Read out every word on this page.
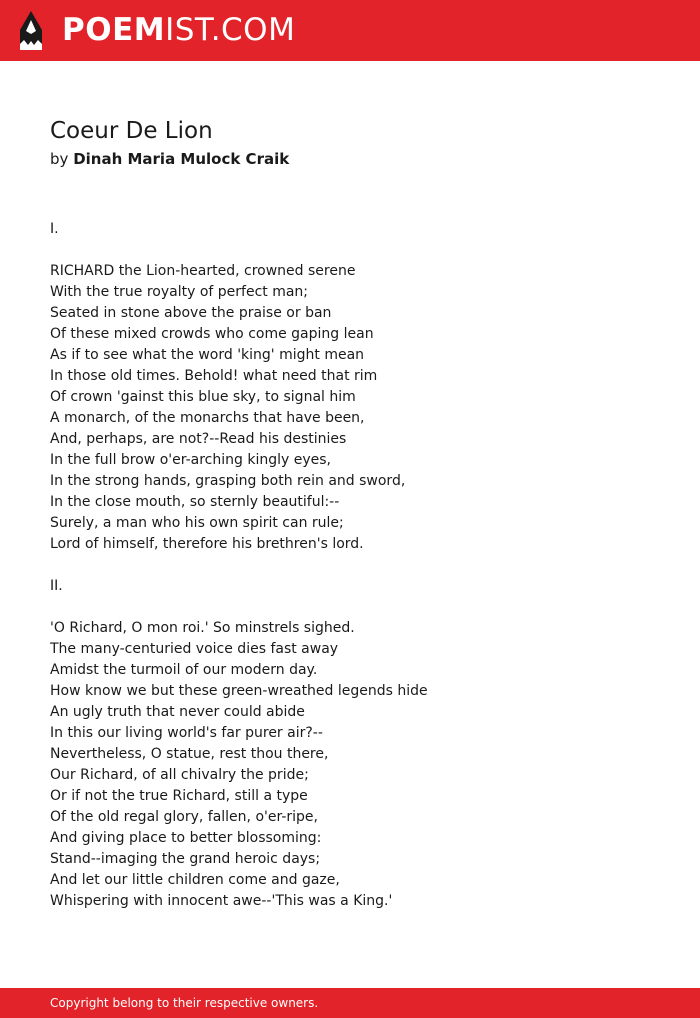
POEMIST.COM
Coeur De Lion
by Dinah Maria Mulock Craik
I.
RICHARD the Lion-hearted, crowned serene
With the true royalty of perfect man;
Seated in stone above the praise or ban
Of these mixed crowds who come gaping lean
As if to see what the word 'king' might mean
In those old times. Behold! what need that rim
Of crown 'gainst this blue sky, to signal him
A monarch, of the monarchs that have been,
And, perhaps, are not?--Read his destinies
In the full brow o'er-arching kingly eyes,
In the strong hands, grasping both rein and sword,
In the close mouth, so sternly beautiful:--
Surely, a man who his own spirit can rule;
Lord of himself, therefore his brethren's lord.
II.
'O Richard, O mon roi.' So minstrels sighed.
The many-centuried voice dies fast away
Amidst the turmoil of our modern day.
How know we but these green-wreathed legends hide
An ugly truth that never could abide
In this our living world's far purer air?--
Nevertheless, O statue, rest thou there,
Our Richard, of all chivalry the pride;
Or if not the true Richard, still a type
Of the old regal glory, fallen, o'er-ripe,
And giving place to better blossoming:
Stand--imaging the grand heroic days;
And let our little children come and gaze,
Whispering with innocent awe--'This was a King.'
Copyright belong to their respective owners.
